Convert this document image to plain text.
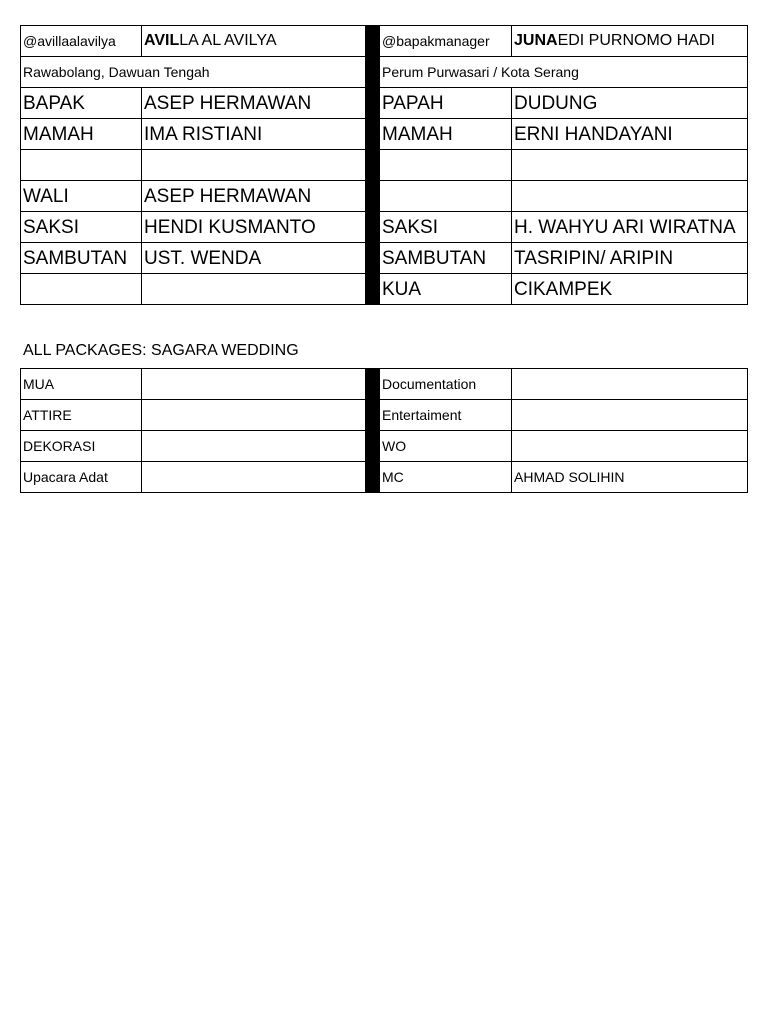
@avillaalavilya	AVILLA AL AVILYA		@bapakmanager	JUNAEDI PURNOMO HADI
Rawabolang, Dawuan Tengah			Perum Purwasari / Kota Serang	
BAPAK	ASEP HERMAWAN		PAPAH	DUDUNG
MAMAH	IMA RISTIANI		MAMAH	ERNI HANDAYANI

WALI	ASEP HERMAWAN			
SAKSI	HENDI KUSMANTO		SAKSI	H. WAHYU ARI WIRATNA
SAMBUTAN	UST. WENDA		SAMBUTAN	TASRIPIN/ ARIPIN
			KUA	CIKAMPEK
ALL PACKAGES: SAGARA WEDDING
MUA			Documentation	
ATTIRE			Entertaiment	
DEKORASI			WO	
Upacara Adat			MC	AHMAD SOLIHIN
